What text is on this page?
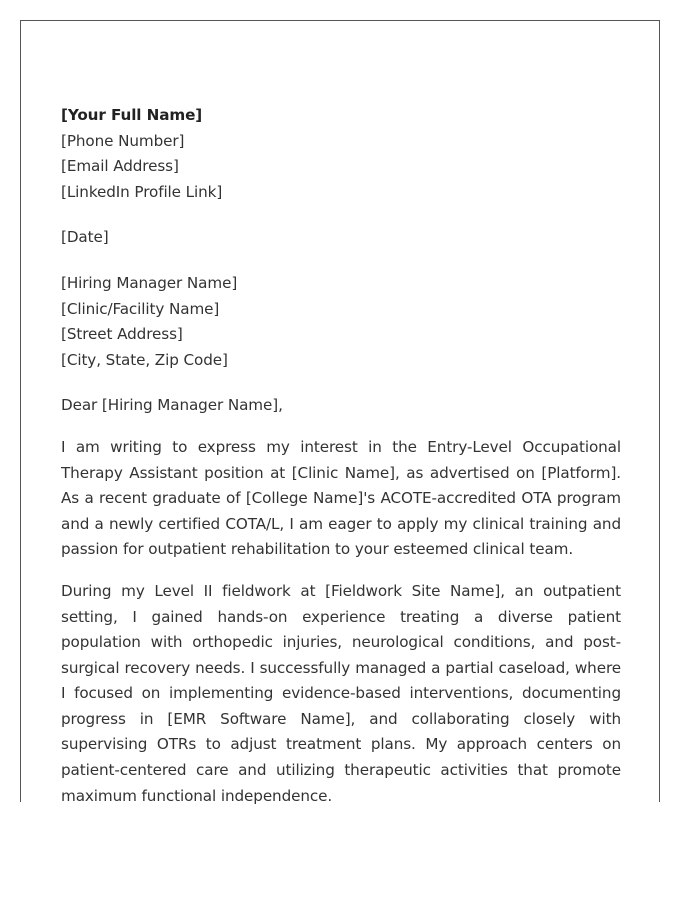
[Your Full Name]
[Phone Number]
[Email Address]
[LinkedIn Profile Link]
[Date]
[Hiring Manager Name]
[Clinic/Facility Name]
[Street Address]
[City, State, Zip Code]
Dear [Hiring Manager Name],

I am writing to express my interest in the Entry-Level Occupational Therapy Assistant position at [Clinic Name], as advertised on [Platform]. As a recent graduate of [College Name]'s ACOTE-accredited OTA program and a newly certified COTA/L, I am eager to apply my clinical training and passion for outpatient rehabilitation to your esteemed clinical team.

During my Level II fieldwork at [Fieldwork Site Name], an outpatient setting, I gained hands-on experience treating a diverse patient population with orthopedic injuries, neurological conditions, and post-surgical recovery needs. I successfully managed a partial caseload, where I focused on implementing evidence-based interventions, documenting progress in [EMR Software Name], and collaborating closely with supervising OTRs to adjust treatment plans. My approach centers on patient-centered care and utilizing therapeutic activities that promote maximum functional independence.
